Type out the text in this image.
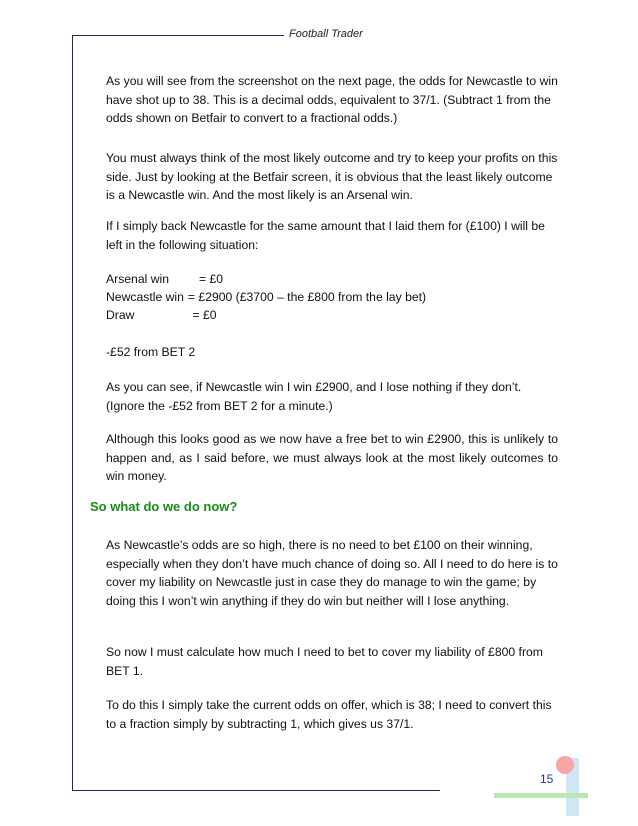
Football Trader

As you will see from the screenshot on the next page, the odds for Newcastle to win have shot up to 38. This is a decimal odds, equivalent to 37/1. (Subtract 1 from the odds shown on Betfair to convert to a fractional odds.)

You must always think of the most likely outcome and try to keep your profits on this side. Just by looking at the Betfair screen, it is obvious that the least likely outcome is a Newcastle win. And the most likely is an Arsenal win.

If I simply back Newcastle for the same amount that I laid them for (£100) I will be left in the following situation:

Arsenal win = £0
Newcastle win = £2900 (£3700 – the £800 from the lay bet)
Draw	= £0

-£52 from BET 2

As you can see, if Newcastle win I win £2900, and I lose nothing if they don’t. (Ignore the -£52 from BET 2 for a minute.)

Although this looks good as we now have a free bet to win £2900, this is unlikely to happen and, as I said before, we must always look at the most likely outcomes to win money.

So what do we do now?

As Newcastle’s odds are so high, there is no need to bet £100 on their winning, especially when they don’t have much chance of doing so. All I need to do here is to cover my liability on Newcastle just in case they do manage to win the game; by doing this I won’t win anything if they do win but neither will I lose anything.

So now I must calculate how much I need to bet to cover my liability of £800 from BET 1.

To do this I simply take the current odds on offer, which is 38; I need to convert this to a fraction simply by subtracting 1, which gives us 37/1.

15
